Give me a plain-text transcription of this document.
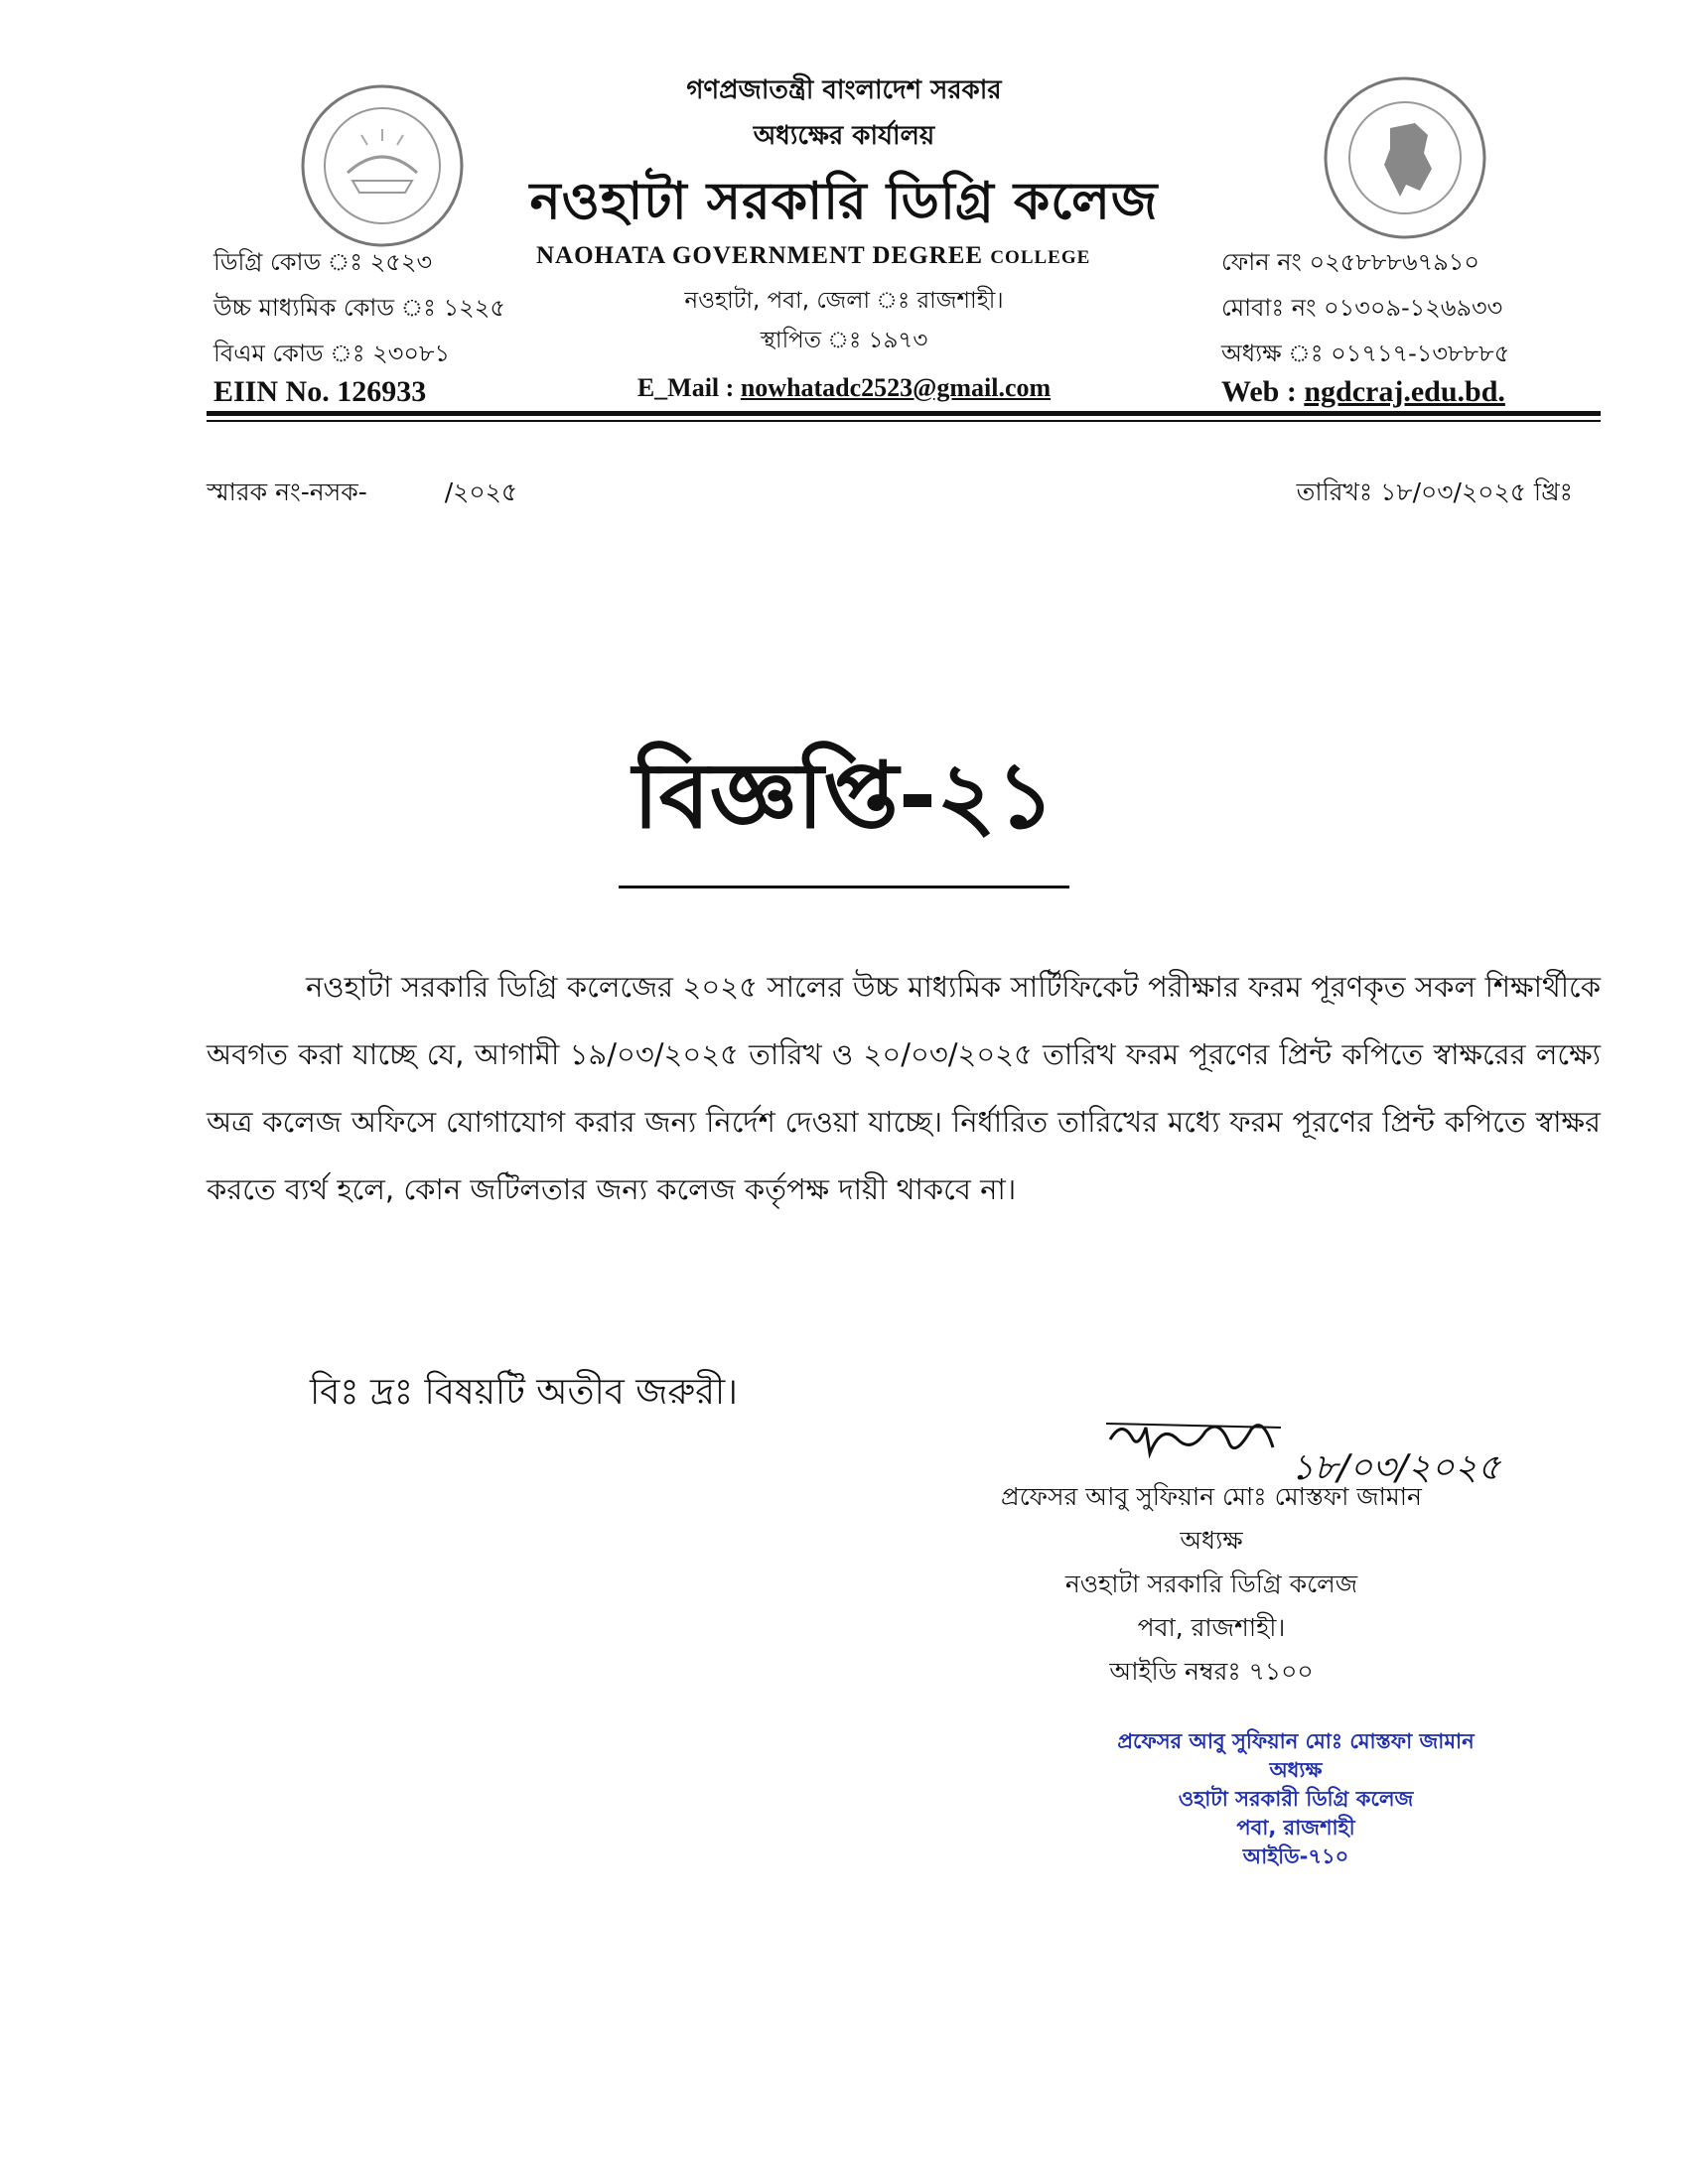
গণপ্রজাতন্ত্রী বাংলাদেশ সরকার
অধ্যক্ষের কার্যালয়
নওহাটা সরকারি ডিগ্রি কলেজ
NAOHATA GOVERNMENT DEGREE COLLEGE
নওহাটা, পবা, জেলা ঃ রাজশাহী।
স্থাপিত ঃ ১৯৭৩
E_Mail : nowhatadc2523@gmail.com
ডিগ্রি কোড ঃ ২৫২৩
উচ্চ মাধ্যমিক কোড ঃ ১২২৫
বিএম কোড ঃ ২৩০৮১
EIIN No. 126933
ফোন নং ০২৫৮৮৮৬৭৯১০
মোবাঃ নং ০১৩০৯-১২৬৯৩৩
অধ্যক্ষ ঃ ০১৭১৭-১৩৮৮৮৫
Web : ngdcraj.edu.bd.
স্মারক নং-নসক-	/২০২৫	তারিখঃ ১৮/০৩/২০২৫ খ্রিঃ
বিজ্ঞপ্তি-২১
নওহাটা সরকারি ডিগ্রি কলেজের ২০২৫ সালের উচ্চ মাধ্যমিক সার্টিফিকেট পরীক্ষার ফরম পূরণকৃত সকল শিক্ষার্থীকে অবগত করা যাচ্ছে যে, আগামী ১৯/০৩/২০২৫ তারিখ ও ২০/০৩/২০২৫ তারিখ ফরম পূরণের প্রিন্ট কপিতে স্বাক্ষরের লক্ষ্যে অত্র কলেজ অফিসে যোগাযোগ করার জন্য নির্দেশ দেওয়া যাচ্ছে। নির্ধারিত তারিখের মধ্যে ফরম পূরণের প্রিন্ট কপিতে স্বাক্ষর করতে ব্যর্থ হলে, কোন জটিলতার জন্য কলেজ কর্তৃপক্ষ দায়ী থাকবে না।
বিঃ দ্রঃ বিষয়টি অতীব জরুরী।
১৮/০৩/২০২৫
প্রফেসর আবু সুফিয়ান মোঃ মোস্তফা জামান
অধ্যক্ষ
নওহাটা সরকারি ডিগ্রি কলেজ
পবা, রাজশাহী।
আইডি নম্বরঃ ৭১০০
প্রফেসর আবু সুফিয়ান মোঃ মোস্তফা জামান
অধ্যক্ষ
ওহাটা সরকারী ডিগ্রি কলেজ
পবা, রাজশাহী
আইডি-৭১০
